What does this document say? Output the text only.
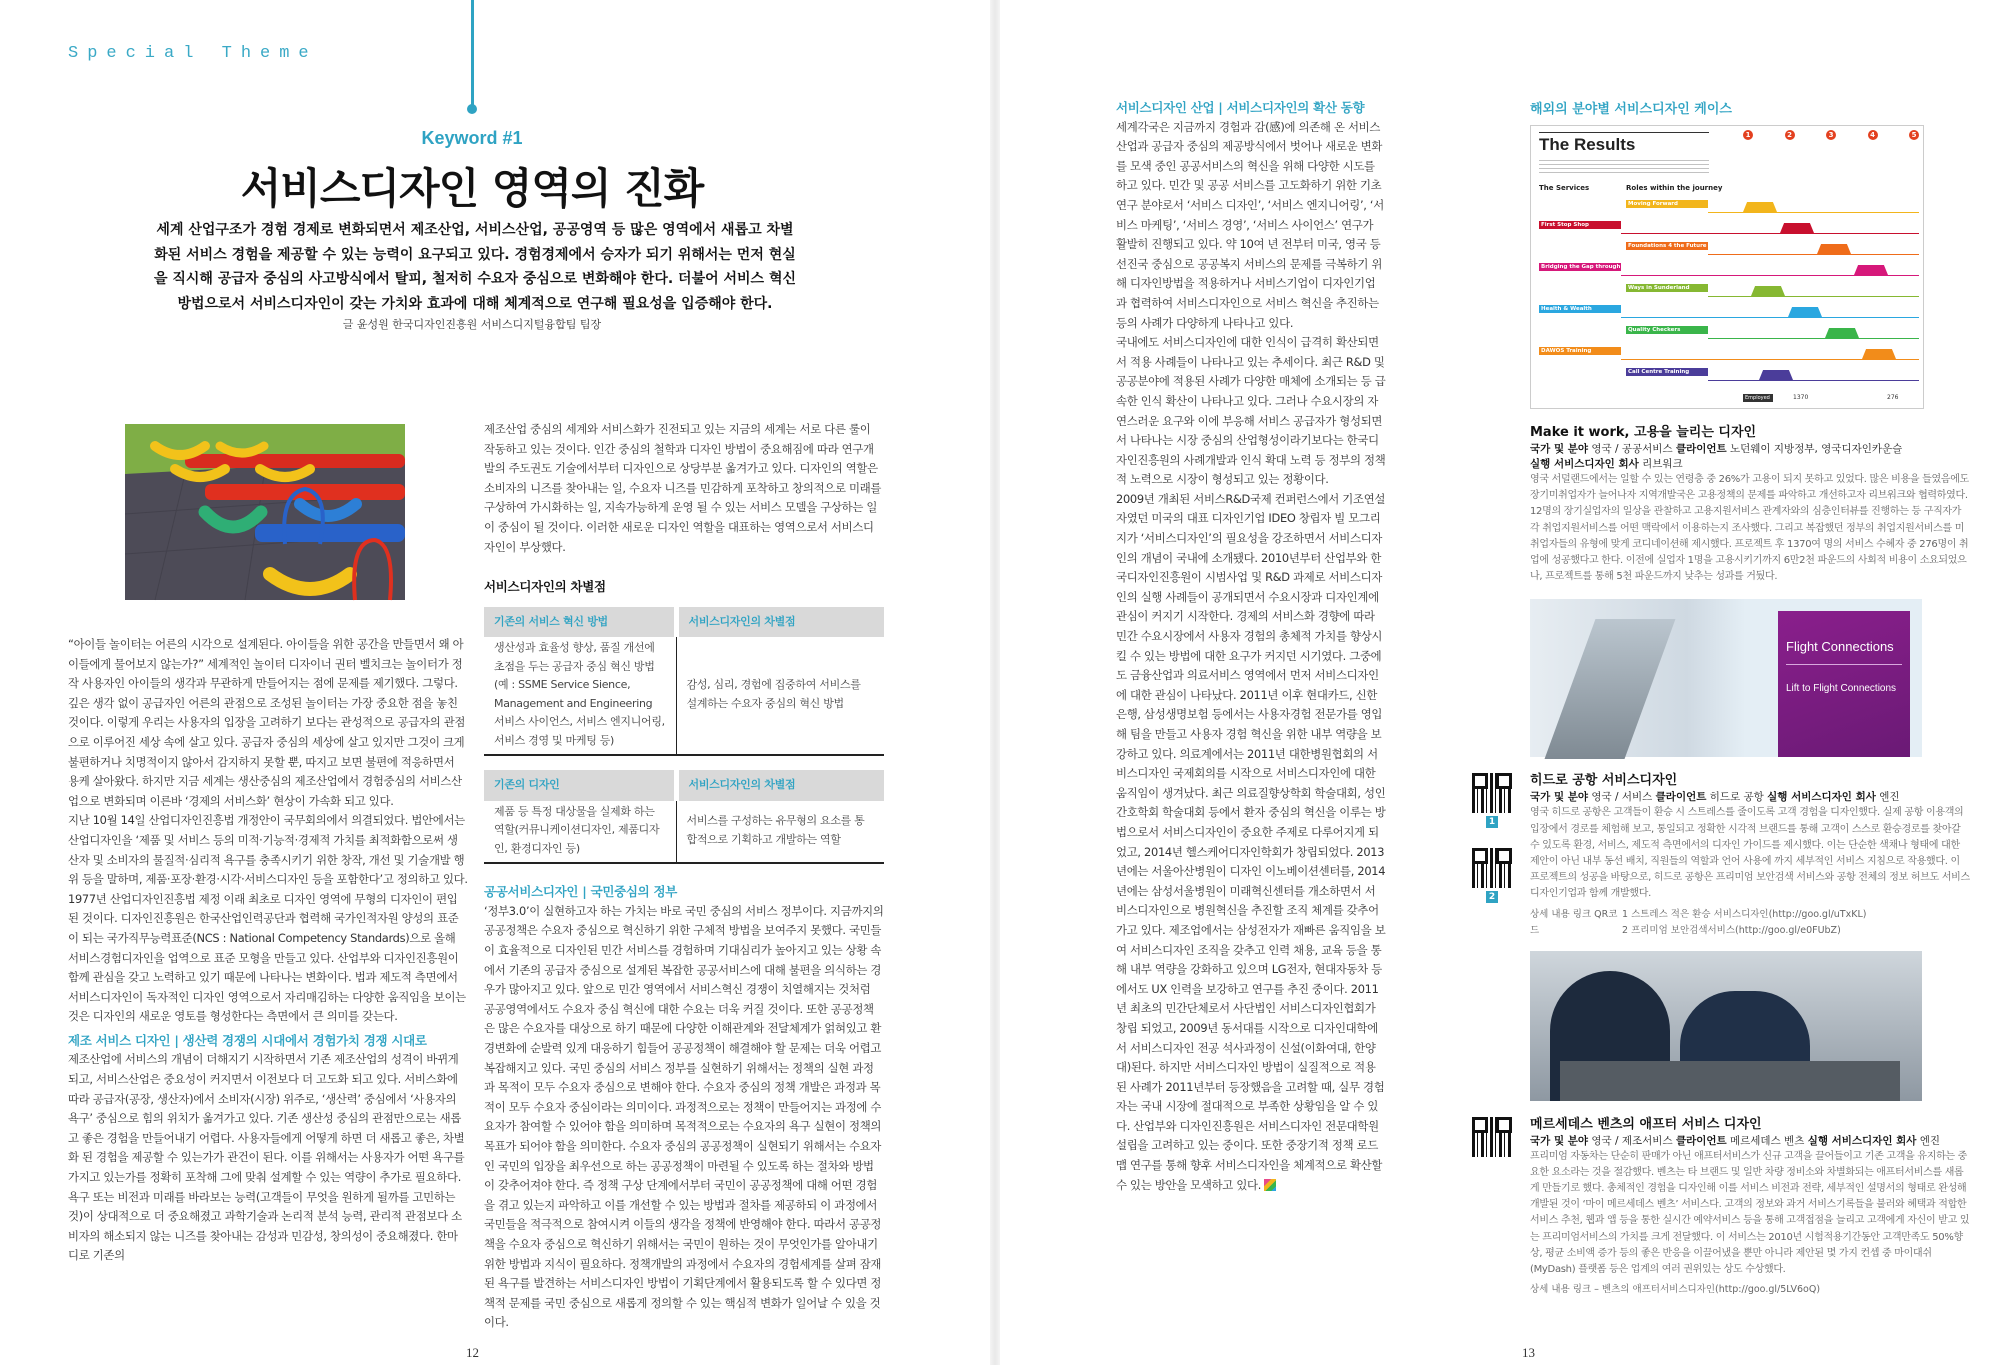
Special Theme
Keyword #1
서비스디자인 영역의 진화
세계 산업구조가 경험 경제로 변화되면서 제조산업, 서비스산업, 공공영역 등 많은 영역에서 새롭고 차별화된 서비스 경험을 제공할 수 있는 능력이 요구되고 있다. 경험경제에서 승자가 되기 위해서는 먼저 현실을 직시해 공급자 중심의 사고방식에서 탈피, 철저히 수요자 중심으로 변화해야 한다. 더불어 서비스 혁신 방법으로서 서비스디자인이 갖는 가치와 효과에 대해 체계적으로 연구해 필요성을 입증해야 한다.
글 윤성원 한국디자인진흥원 서비스디지털융합팀 팀장

“아이들 놀이터는 어른의 시각으로 설계된다. 아이들을 위한 공간을 만들면서 왜 아이들에게 물어보지 않는가?” 세계적인 놀이터 디자이너 권터 벨치크는 놀이터가 정작 사용자인 아이들의 생각과 무관하게 만들어지는 점에 문제를 제기했다. 그렇다. 깊은 생각 없이 공급자인 어른의 관점으로 조성된 놀이터는 가장 중요한 점을 놓친 것이다. 이렇게 우리는 사용자의 입장을 고려하기 보다는 관성적으로 공급자의 관점으로 이루어진 세상 속에 살고 있다. 공급자 중심의 세상에 살고 있지만 그것이 크게 불편하거나 치명적이지 않아서 감지하지 못할 뿐, 따지고 보면 불편에 적응하면서 용케 살아왔다. 하지만 지금 세계는 생산중심의 제조산업에서 경험중심의 서비스산업으로 변화되며 이른바 ‘경제의 서비스화’ 현상이 가속화 되고 있다.

지난 10월 14일 산업디자인진흥법 개정안이 국무회의에서 의결되었다. 법안에서는 산업디자인을 ‘제품 및 서비스 등의 미적·기능적·경제적 가치를 최적화함으로써 생산자 및 소비자의 물질적·심리적 욕구를 충족시키기 위한 창작, 개선 및 기술개발 행위 등을 말하며, 제품·포장·환경·시각·서비스디자인 등을 포함한다’고 정의하고 있다. 1977년 산업디자인진흥법 제정 이래 최초로 디자인 영역에 무형의 디자인이 편입된 것이다. 디자인진흥원은 한국산업인력공단과 협력해 국가인적자원 양성의 표준이 되는 국가직무능력표준(NCS : National Competency Standards)으로 올해 서비스경험디자인을 업역으로 표준 모형을 만들고 있다. 산업부와 디자인진흥원이 함께 관심을 갖고 노력하고 있기 때문에 나타나는 변화이다. 법과 제도적 측면에서 서비스디자인이 독자적인 디자인 영역으로서 자리매김하는 다양한 움직임을 보이는 것은 디자인의 새로운 영토를 형성한다는 측면에서 큰 의미를 갖는다.

제조 서비스 디자인 | 생산력 경쟁의 시대에서 경험가치 경쟁 시대로

제조산업에 서비스의 개념이 더해지기 시작하면서 기존 제조산업의 성격이 바뀌게 되고, 서비스산업은 중요성이 커지면서 이전보다 더 고도화 되고 있다. 서비스화에 따라 공급자(공장, 생산자)에서 소비자(시장) 위주로, ‘생산력’ 중심에서 ‘사용자의 욕구’ 중심으로 힘의 위치가 옮겨가고 있다. 기존 생산성 중심의 관점만으로는 새롭고 좋은 경험을 만들어내기 어렵다. 사용자들에게 어떻게 하면 더 새롭고 좋은, 차별화 된 경험을 제공할 수 있는가가 관건이 된다. 이를 위해서는 사용자가 어떤 욕구를 가지고 있는가를 정확히 포착해 그에 맞춰 설계할 수 있는 역량이 추가로 필요하다. 욕구 또는 비전과 미래를 바라보는 능력(고객들이 무엇을 원하게 될까를 고민하는 것)이 상대적으로 더 중요해졌고 과학기술과 논리적 분석 능력, 관리적 관점보다 소비자의 해소되지 않는 니즈를 찾아내는 감성과 민감성, 창의성이 중요해졌다. 한마디로 기존의

제조산업 중심의 세계와 서비스화가 진전되고 있는 지금의 세계는 서로 다른 룰이 작동하고 있는 것이다. 인간 중심의 철학과 디자인 방법이 중요해짐에 따라 연구개발의 주도권도 기술에서부터 디자인으로 상당부분 옮겨가고 있다. 디자인의 역할은 소비자의 니즈를 찾아내는 일, 수요자 니즈를 민감하게 포착하고 창의적으로 미래를 구상하여 가시화하는 일, 지속가능하게 운영 될 수 있는 서비스 모델을 구상하는 일이 중심이 될 것이다. 이러한 새로운 디자인 역할을 대표하는 영역으로서 서비스디자인이 부상했다.

서비스디자인의 차별점
기존의 서비스 혁신 방법	서비스디자인의 차별점
생산성과 효율성 향상, 품질 개선에 초점을 두는 공급자 중심 혁신 방법 (예 : SSME Service Sience, Management and Engineering 서비스 사이언스, 서비스 엔지니어링, 서비스 경영 및 마케팅 등)	감성, 심리, 경험에 집중하여 서비스를 설계하는 수요자 중심의 혁신 방법

기존의 디자인	서비스디자인의 차별점
제품 등 특정 대상물을 실제화 하는 역할(커뮤니케이션디자인, 제품디자인, 환경디자인 등)	서비스를 구성하는 유무형의 요소를 통합적으로 기획하고 개발하는 역할
공공서비스디자인 | 국민중심의 정부

‘정부3.0’이 실현하고자 하는 가치는 바로 국민 중심의 서비스 정부이다. 지금까지의 공공정책은 수요자 중심으로 혁신하기 위한 구체적 방법을 보여주지 못했다. 국민들이 효율적으로 디자인된 민간 서비스를 경험하며 기대심리가 높아지고 있는 상황 속에서 기존의 공급자 중심으로 설계된 복잡한 공공서비스에 대해 불편을 의식하는 경우가 많아지고 있다. 앞으로 민간 영역에서 서비스혁신 경쟁이 치열해지는 것처럼 공공영역에서도 수요자 중심 혁신에 대한 수요는 더욱 커질 것이다. 또한 공공정책은 많은 수요자를 대상으로 하기 때문에 다양한 이해관계와 전달체계가 얽혀있고 환경변화에 순발력 있게 대응하기 힘들어 공공정책이 해결해야 할 문제는 더욱 어렵고 복잡해지고 있다. 국민 중심의 서비스 정부를 실현하기 위해서는 정책의 실현 과정과 목적이 모두 수요자 중심으로 변해야 한다. 수요자 중심의 정책 개발은 과정과 목적이 모두 수요자 중심이라는 의미이다. 과정적으로는 정책이 만들어지는 과정에 수요자가 참여할 수 있어야 함을 의미하며 목적적으로는 수요자의 욕구 실현이 정책의 목표가 되어야 함을 의미한다. 수요자 중심의 공공정책이 실현되기 위해서는 수요자인 국민의 입장을 최우선으로 하는 공공정책이 마련될 수 있도록 하는 절차와 방법이 갖추어져야 한다. 즉 정책 구상 단계에서부터 국민이 공공정책에 대해 어떤 경험을 겪고 있는지 파악하고 이를 개선할 수 있는 방법과 절차를 제공하되 이 과정에서 국민들을 적극적으로 참여시켜 이들의 생각을 정책에 반영해야 한다. 따라서 공공정책을 수요자 중심으로 혁신하기 위해서는 국민이 원하는 것이 무엇인가를 알아내기 위한 방법과 지식이 필요하다. 정책개발의 과정에서 수요자의 경험세계를 살펴 잠재된 욕구를 발견하는 서비스디자인 방법이 기획단계에서 활용되도록 할 수 있다면 정책적 문제를 국민 중심으로 새롭게 정의할 수 있는 핵심적 변화가 일어날 수 있을 것이다.

12
서비스디자인 산업 | 서비스디자인의 확산 동향

세계각국은 지금까지 경험과 감(感)에 의존해 온 서비스산업과 공급자 중심의 제공방식에서 벗어나 새로운 변화를 모색 중인 공공서비스의 혁신을 위해 다양한 시도를 하고 있다. 민간 및 공공 서비스를 고도화하기 위한 기초연구 분야로서 ‘서비스 디자인’, ‘서비스 엔지니어링’, ‘서비스 마케팅’, ‘서비스 경영’, ‘서비스 사이언스’ 연구가 활발히 진행되고 있다. 약 10여 년 전부터 미국, 영국 등 선진국 중심으로 공공복지 서비스의 문제를 극복하기 위해 디자인방법을 적용하거나 서비스기업이 디자인기업과 협력하여 서비스디자인으로 서비스 혁신을 추진하는 등의 사례가 다양하게 나타나고 있다.

국내에도 서비스디자인에 대한 인식이 급격히 확산되면서 적용 사례들이 나타나고 있는 추세이다. 최근 R&D 및 공공분야에 적용된 사례가 다양한 매체에 소개되는 등 급속한 인식 확산이 나타나고 있다. 그러나 수요시장의 자연스러운 요구와 이에 부응해 서비스 공급자가 형성되면서 나타나는 시장 중심의 산업형성이라기보다는 한국디자인진흥원의 사례개발과 인식 확대 노력 등 정부의 정책적 노력으로 시장이 형성되고 있는 정황이다.

2009년 개최된 서비스R&D국제 컨퍼런스에서 기조연설자였던 미국의 대표 디자인기업 IDEO 창립자 빌 모그리지가 ‘서비스디자인’의 필요성을 강조하면서 서비스디자인의 개념이 국내에 소개됐다. 2010년부터 산업부와 한국디자인진흥원이 시범사업 및 R&D 과제로 서비스디자인의 실행 사례들이 공개되면서 수요시장과 디자인계에 관심이 커지기 시작한다. 경제의 서비스화 경향에 따라 민간 수요시장에서 사용자 경험의 총체적 가치를 향상시킬 수 있는 방법에 대한 요구가 커지던 시기였다. 그중에도 금융산업과 의료서비스 영역에서 먼저 서비스디자인에 대한 관심이 나타났다. 2011년 이후 현대카드, 신한은행, 삼성생명보험 등에서는 사용자경험 전문가를 영입해 팀을 만들고 사용자 경험 혁신을 위한 내부 역량을 보강하고 있다. 의료계에서는 2011년 대한병원협회의 서비스디자인 국제회의를 시작으로 서비스디자인에 대한 움직임이 생겨났다. 최근 의료질향상학회 학술대회, 성인간호학회 학술대회 등에서 환자 중심의 혁신을 이루는 방법으로서 서비스디자인이 중요한 주제로 다루어지게 되었고, 2014년 헬스케어디자인학회가 창립되었다. 2013년에는 서울아산병원이 디자인 이노베이션센터를, 2014년에는 삼성서울병원이 미래혁신센터를 개소하면서 서비스디자인으로 병원혁신을 추진할 조직 체계를 갖추어가고 있다. 제조업에서는 삼성전자가 재빠른 움직임을 보여 서비스디자인 조직을 갖추고 인력 채용, 교육 등을 통해 내부 역량을 강화하고 있으며 LG전자, 현대자동차 등에서도 UX 인력을 보강하고 연구를 추진 중이다. 2011년 최초의 민간단체로서 사단법인 서비스디자인협회가 창립 되었고, 2009년 동서대를 시작으로 디자인대학에서 서비스디자인 전공 석사과정이 신설(이화여대, 한양대)된다. 하지만 서비스디자인 방법이 실질적으로 적용된 사례가 2011년부터 등장했음을 고려할 때, 실무 경험자는 국내 시장에 절대적으로 부족한 상황임을 알 수 있다. 산업부와 디자인진흥원은 서비스디자인 전문대학원 설립을 고려하고 있는 중이다. 또한 중장기적 정책 로드맵 연구를 통해 향후 서비스디자인을 체계적으로 확산할 수 있는 방안을 모색하고 있다.

해외의 분야별 서비스디자인 케이스
The Results
The Services	Roles within the journey
1	2	3	4	5
Moving Forward
First Stop Shop
Foundations 4 the Future
Bridging the Gap through Tech.
Ways in Sunderland
Health & Wealth
Quality Checkers
DAWOS Training
Call Centre Training
Employed	1370	276
Make it work, 고용을 늘리는 디자인
국가 및 분야 영국 / 공공서비스 클라이언트 노던웨이 지방정부, 영국디자인카운슬
실행 서비스디자인 회사 리브워크
영국 서덜랜드에서는 일할 수 있는 연령층 중 26%가 고용이 되지 못하고 있었다. 많은 비용을 들였음에도 장기미취업자가 늘어나자 지역개발국은 고용정책의 문제를 파악하고 개선하고자 리브워크와 협력하였다. 12명의 장기실업자의 일상을 관찰하고 고용지원서비스 관계자와의 심층인터뷰를 진행하는 등 구직자가 각 취업지원서비스를 어떤 맥락에서 이용하는지 조사했다. 그리고 복잡했던 정부의 취업지원서비스를 미취업자들의 유형에 맞게 코디네이션해 제시했다. 프로젝트 후 1370여 명의 서비스 수혜자 중 276명이 취업에 성공했다고 한다. 이전에 실업자 1명을 고용시키기까지 6만2천 파운드의 사회적 비용이 소요되었으나, 프로젝트를 통해 5천 파운드까지 낮추는 성과를 거뒀다.
Flight Connections
Lift to Flight Connections
1
2
히드로 공항 서비스디자인
국가 및 분야 영국 / 서비스 클라이언트 히드로 공항 실행 서비스디자인 회사 엔진
영국 히드로 공항은 고객들이 환승 시 스트레스를 줄이도록 고객 경험을 디자인했다. 실제 공항 이용객의 입장에서 경로를 체험해 보고, 통일되고 정확한 시각적 브랜드를 통해 고객이 스스로 환승경로를 찾아갈 수 있도록 환경, 서비스, 제도적 측면에서의 디자인 가이드를 제시했다. 이는 단순한 색채나 형태에 대한 제안이 아닌 내부 동선 배치, 직원들의 역할과 언어 사용에 까지 세부적인 서비스 지침으로 작용했다. 이 프로젝트의 성공을 바탕으로, 히드로 공항은 프리미엄 보안검색 서비스와 공항 전체의 정보 허브도 서비스디자인기업과 함께 개발했다.
상세 내용 링크 QR코드
1 스트레스 적은 환승 서비스디자인(http://goo.gl/uTxKL)
2 프리미엄 보안검색서비스(http://goo.gl/e0FUbZ)
메르세데스 벤츠의 애프터 서비스 디자인
국가 및 분야 영국 / 제조서비스 클라이언트 메르세데스 벤츠 실행 서비스디자인 회사 엔진
프리미엄 자동차는 단순히 판매가 아닌 애프터서비스가 신규 고객을 끌어들이고 기존 고객을 유지하는 중요한 요소라는 것을 절감했다. 벤츠는 타 브랜드 및 일반 차량 정비소와 차별화되는 애프터서비스를 새롭게 만들기로 했다. 총체적인 경험을 디자인해 이를 서비스 비전과 전략, 세부적인 설명서의 형태로 완성해 개발된 것이 ‘마이 메르세데스 벤츠’ 서비스다. 고객의 정보와 과거 서비스기록들을 불러와 혜택과 적합한 서비스 추천, 웹과 앱 등을 통한 실시간 예약서비스 등을 통해 고객접점을 늘리고 고객에게 자신이 받고 있는 프리미엄서비스의 가치를 크게 전달했다. 이 서비스는 2010년 시험적용기간동안 고객만족도 50%향상, 평균 소비액 증가 등의 좋은 반응을 이끌어냈을 뿐만 아니라 제안된 몇 가지 컨셉 중 마이대쉬(MyDash) 플랫폼 등은 업계의 여러 권위있는 상도 수상했다.
상세 내용 링크 – 벤츠의 애프터서비스디자인(http://goo.gl/5LV6oQ)
13
